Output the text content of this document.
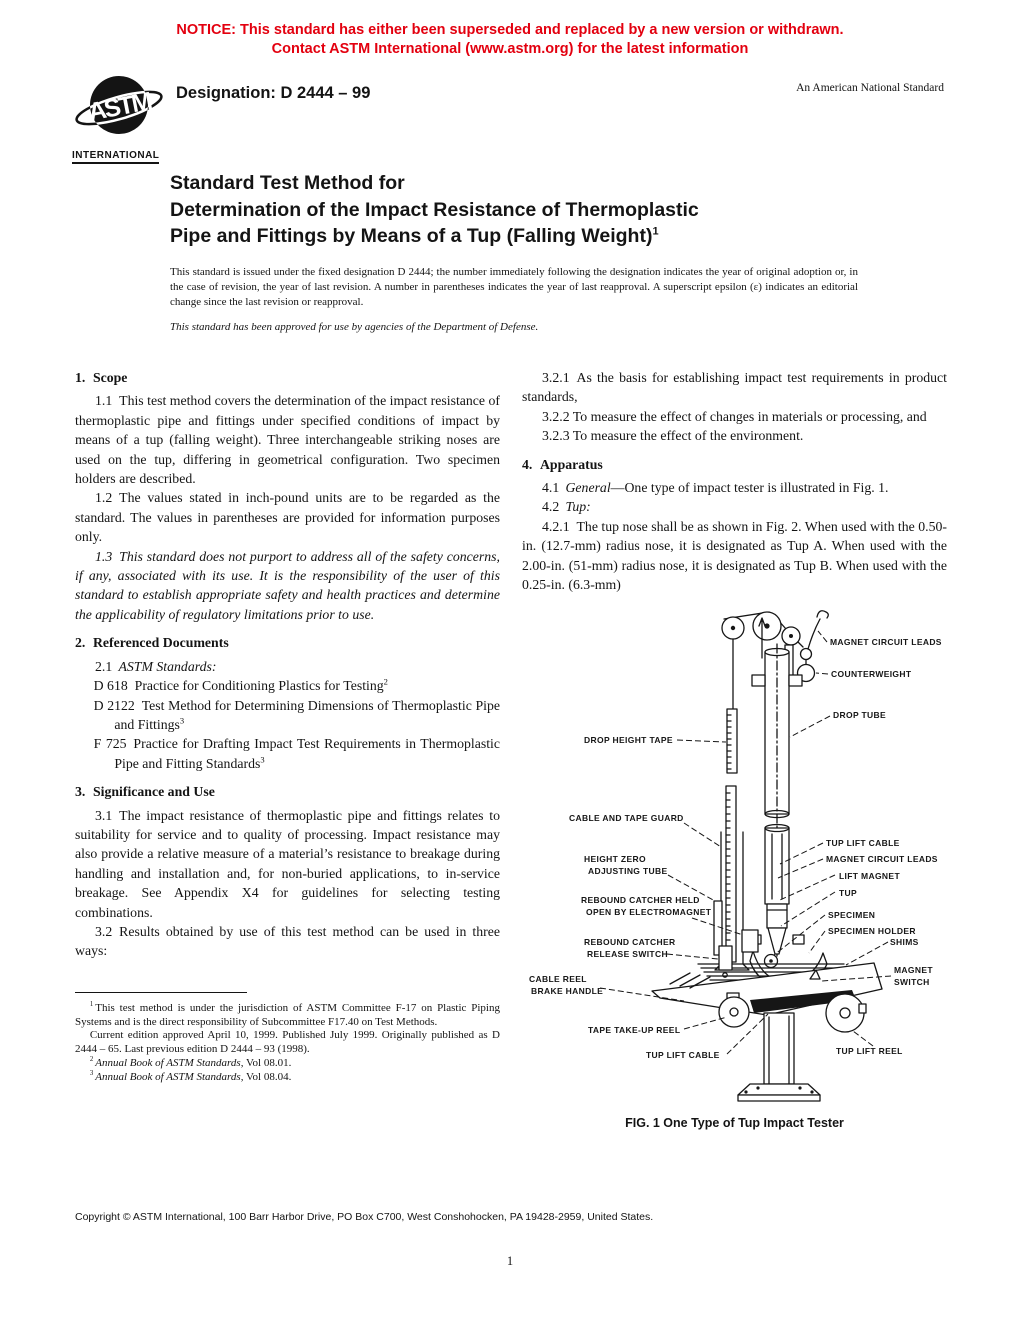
NOTICE: This standard has either been superseded and replaced by a new version or withdrawn.
Contact ASTM International (www.astm.org) for the latest information
ASTM
INTERNATIONAL
Designation: D 2444 – 99	An American National Standard
Standard Test Method for
Determination of the Impact Resistance of Thermoplastic
Pipe and Fittings by Means of a Tup (Falling Weight)$^1$
This standard is issued under the fixed designation D 2444; the number immediately following the designation indicates the year of original adoption or, in the case of revision, the year of last revision. A number in parentheses indicates the year of last reapproval. A superscript epsilon (ε) indicates an editorial change since the last revision or reapproval.
This standard has been approved for use by agencies of the Department of Defense.

1. Scope

1.1 This test method covers the determination of the impact resistance of thermoplastic pipe and fittings under specified conditions of impact by means of a tup (falling weight). Three interchangeable striking noses are used on the tup, differing in geometrical configuration. Two specimen holders are described.

1.2 The values stated in inch-pound units are to be regarded as the standard. The values in parentheses are provided for information purposes only.

1.3 This standard does not purport to address all of the safety concerns, if any, associated with its use. It is the responsibility of the user of this standard to establish appropriate safety and health practices and determine the applicability of regulatory limitations prior to use.

2. Referenced Documents

2.1 ASTM Standards:

D 618 Practice for Conditioning Plastics for Testing$^2$

D 2122 Test Method for Determining Dimensions of Thermoplastic Pipe and Fittings$^3$

F 725 Practice for Drafting Impact Test Requirements in Thermoplastic Pipe and Fitting Standards$^3$

3. Significance and Use

3.1 The impact resistance of thermoplastic pipe and fittings relates to suitability for service and to quality of processing. Impact resistance may also provide a relative measure of a material’s resistance to breakage during handling and installation and, for non-buried applications, to in-service breakage. See Appendix X4 for guidelines for selecting testing combinations.

3.2 Results obtained by use of this test method can be used in three ways:

$^1$ This test method is under the jurisdiction of ASTM Committee F-17 on Plastic Piping Systems and is the direct responsibility of Subcommittee F17.40 on Test Methods.

Current edition approved April 10, 1999. Published July 1999. Originally published as D 2444 – 65. Last previous edition D 2444 – 93 (1998).

$^2$ Annual Book of ASTM Standards, Vol 08.01.

$^3$ Annual Book of ASTM Standards, Vol 08.04.

3.2.1 As the basis for establishing impact test requirements in product standards,

3.2.2 To measure the effect of changes in materials or processing, and

3.2.3 To measure the effect of the environment.

4. Apparatus

4.1 General—One type of impact tester is illustrated in Fig. 1.

4.2 Tup:

4.2.1 The tup nose shall be as shown in Fig. 2. When used with the 0.50-in. (12.7-mm) radius nose, it is designated as Tup A. When used with the 2.00-in. (51-mm) radius nose, it is designated as Tup B. When used with the 0.25-in. (6.3-mm)

MAGNET CIRCUIT LEADS
COUNTERWEIGHT
DROP TUBE
DROP HEIGHT TAPE
CABLE AND TAPE GUARD
TUP LIFT CABLE
HEIGHT ZERO
ADJUSTING TUBE
MAGNET CIRCUIT LEADS
LIFT MAGNET
TUP
REBOUND CATCHER HELD
OPEN BY ELECTROMAGNET	SPECIMEN
SPECIMEN HOLDER
REBOUND CATCHER
RELEASE SWITCH
SHIMS
CABLE REEL
BRAKE HANDLE
MAGNET
SWITCH
TAPE TAKE-UP REEL
TUP LIFT CABLE	TUP LIFT REEL
FIG. 1 One Type of Tup Impact Tester
Copyright © ASTM International, 100 Barr Harbor Drive, PO Box C700, West Conshohocken, PA 19428-2959, United States.
1
